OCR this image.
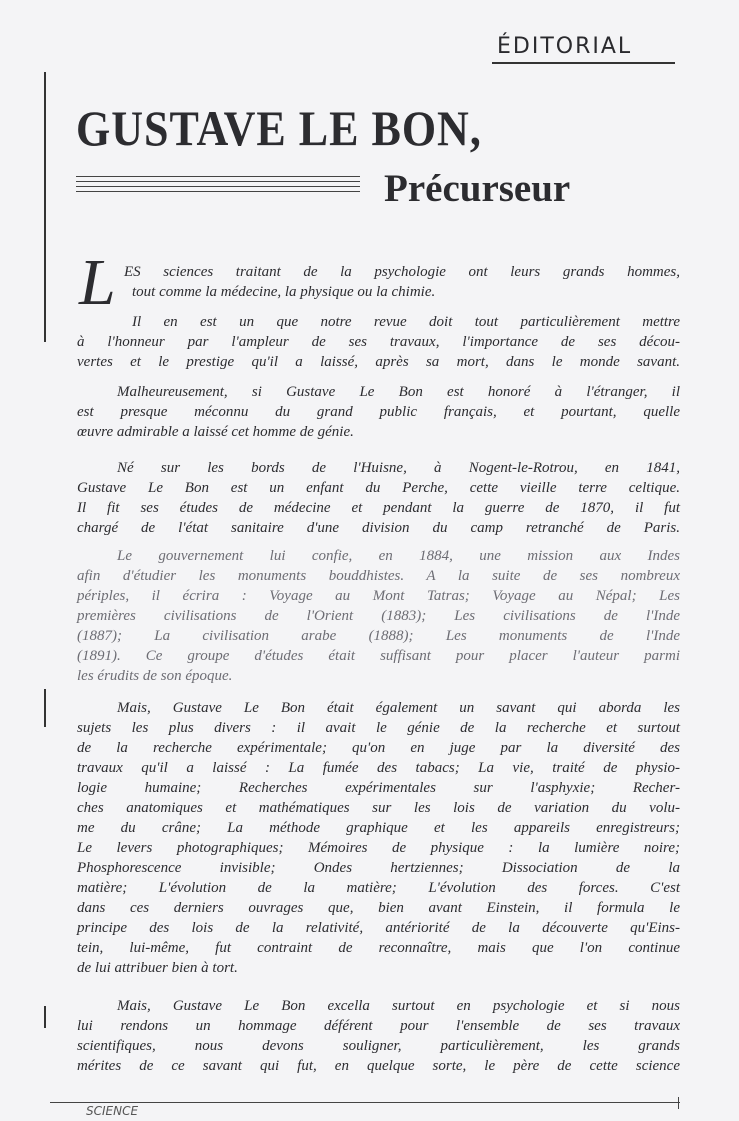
ÉDITORIAL
GUSTAVE LE BON,
Précurseur
L ES sciences traitant de la psychologie ont leurs grands hommes,
tout comme la médecine, la physique ou la chimie.
Il en est un que notre revue doit tout particulièrement mettre
à l'honneur par l'ampleur de ses travaux, l'importance de ses décou-
vertes et le prestige qu'il a laissé, après sa mort, dans le monde savant.
Malheureusement, si Gustave Le Bon est honoré à l'étranger, il
est presque méconnu du grand public français, et pourtant, quelle
œuvre admirable a laissé cet homme de génie.
Né sur les bords de l'Huisne, à Nogent-le-Rotrou, en 1841,
Gustave Le Bon est un enfant du Perche, cette vieille terre celtique.
Il fit ses études de médecine et pendant la guerre de 1870, il fut
chargé de l'état sanitaire d'une division du camp retranché de Paris.
Le gouvernement lui confie, en 1884, une mission aux Indes
afin d'étudier les monuments bouddhistes. A la suite de ses nombreux
périples, il écrira : Voyage au Mont Tatras; Voyage au Népal; Les
premières civilisations de l'Orient (1883); Les civilisations de l'Inde
(1887); La civilisation arabe (1888); Les monuments de l'Inde
(1891). Ce groupe d'études était suffisant pour placer l'auteur parmi
les érudits de son époque.
Mais, Gustave Le Bon était également un savant qui aborda les
sujets les plus divers : il avait le génie de la recherche et surtout
de la recherche expérimentale; qu'on en juge par la diversité des
travaux qu'il a laissé : La fumée des tabacs; La vie, traité de physio-
logie humaine; Recherches expérimentales sur l'asphyxie; Recher-
ches anatomiques et mathématiques sur les lois de variation du volu-
me du crâne; La méthode graphique et les appareils enregistreurs;
Le levers photographiques; Mémoires de physique : la lumière noire;
Phosphorescence invisible; Ondes hertziennes; Dissociation de la
matière; L'évolution de la matière; L'évolution des forces. C'est
dans ces derniers ouvrages que, bien avant Einstein, il formula le
principe des lois de la relativité, antériorité de la découverte qu'Eins-
tein, lui-même, fut contraint de reconnaître, mais que l'on continue
de lui attribuer bien à tort.
Mais, Gustave Le Bon excella surtout en psychologie et si nous
lui rendons un hommage déférent pour l'ensemble de ses travaux
scientifiques, nous devons souligner, particulièrement, les grands
mérites de ce savant qui fut, en quelque sorte, le père de cette science
SCIENCE
